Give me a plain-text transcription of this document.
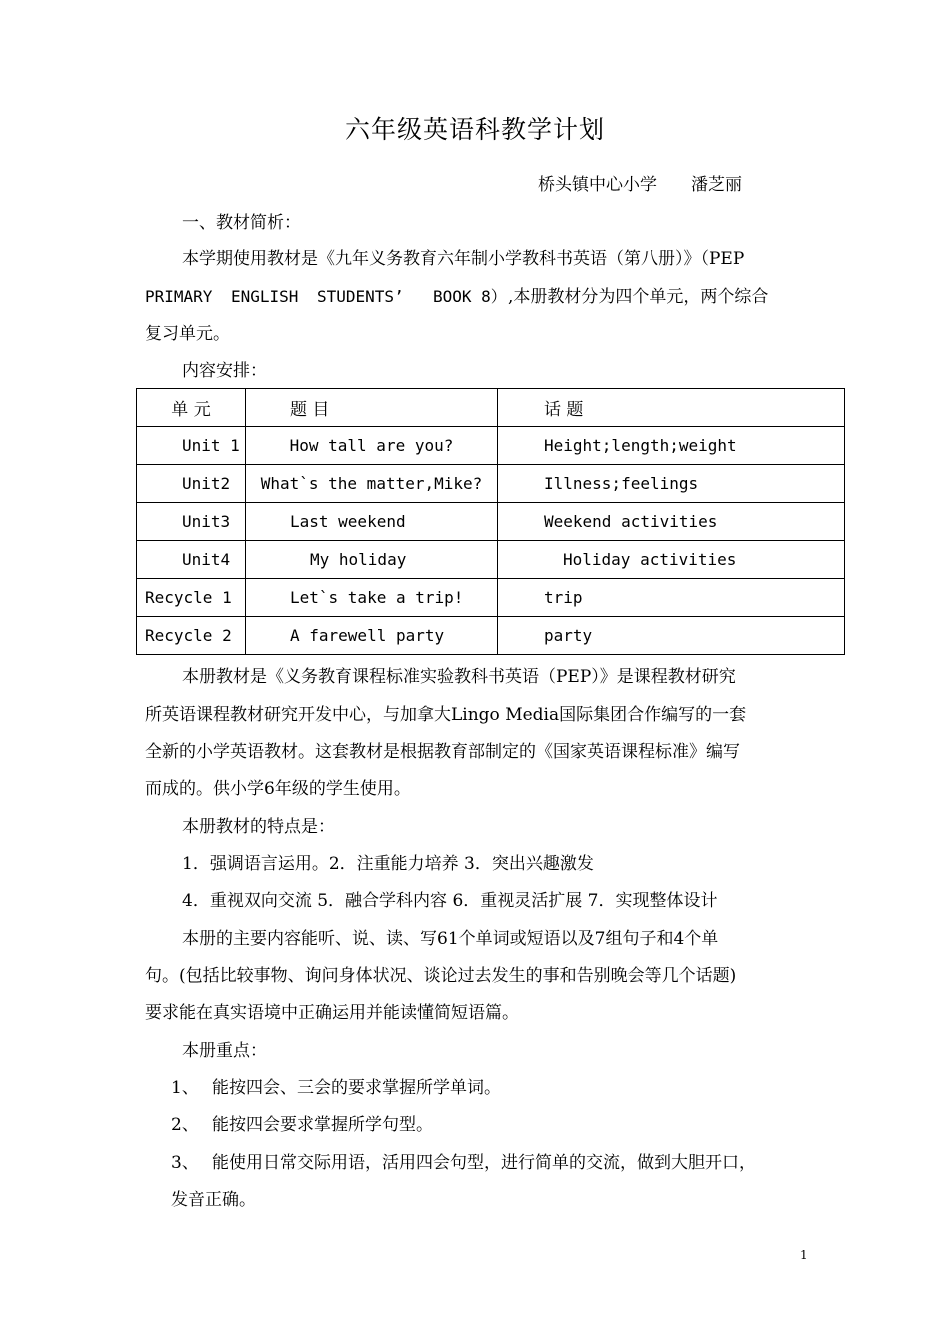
六年级英语科教学计划
桥头镇中心小学　　潘芝丽
一、教材简析：
本学期使用教材是《九年义务教育六年制小学教科书英语（第八册）》（PEP
PRIMARY ENGLISH STUDENTS’ BOOK 8） ,本册教材分为四个单元，两个综合
复习单元。
内容安排：
单 元	题 目	话 题
Unit 1	How tall are you?	Height;length;weight
Unit2	What`s the matter,Mike?	Illness;feelings
Unit3	Last weekend	Weekend activities
Unit4	My holiday	Holiday activities
Recycle 1	Let`s take a trip!	trip
Recycle 2	A farewell party	party
本册教材是《义务教育课程标准实验教科书英语（PEP）》是课程教材研究
所英语课程教材研究开发中心，与加拿大Lingo Media国际集团合作编写的一套
全新的小学英语教材。这套教材是根据教育部制定的《国家英语课程标准》编写
而成的。供小学6年级的学生使用。
本册教材的特点是：
1．强调语言运用。2．注重能力培养 3．突出兴趣激发
4．重视双向交流 5．融合学科内容 6．重视灵活扩展 7．实现整体设计
本册的主要内容能听、说、读、写61个单词或短语以及7组句子和4个单
句。(包括比较事物、询问身体状况、谈论过去发生的事和告别晚会等几个话题)
要求能在真实语境中正确运用并能读懂简短语篇。
本册重点：
1、 能按四会、三会的要求掌握所学单词。
2、 能按四会要求掌握所学句型。
3、 能使用日常交际用语，活用四会句型，进行简单的交流，做到大胆开口，
发音正确。
1
